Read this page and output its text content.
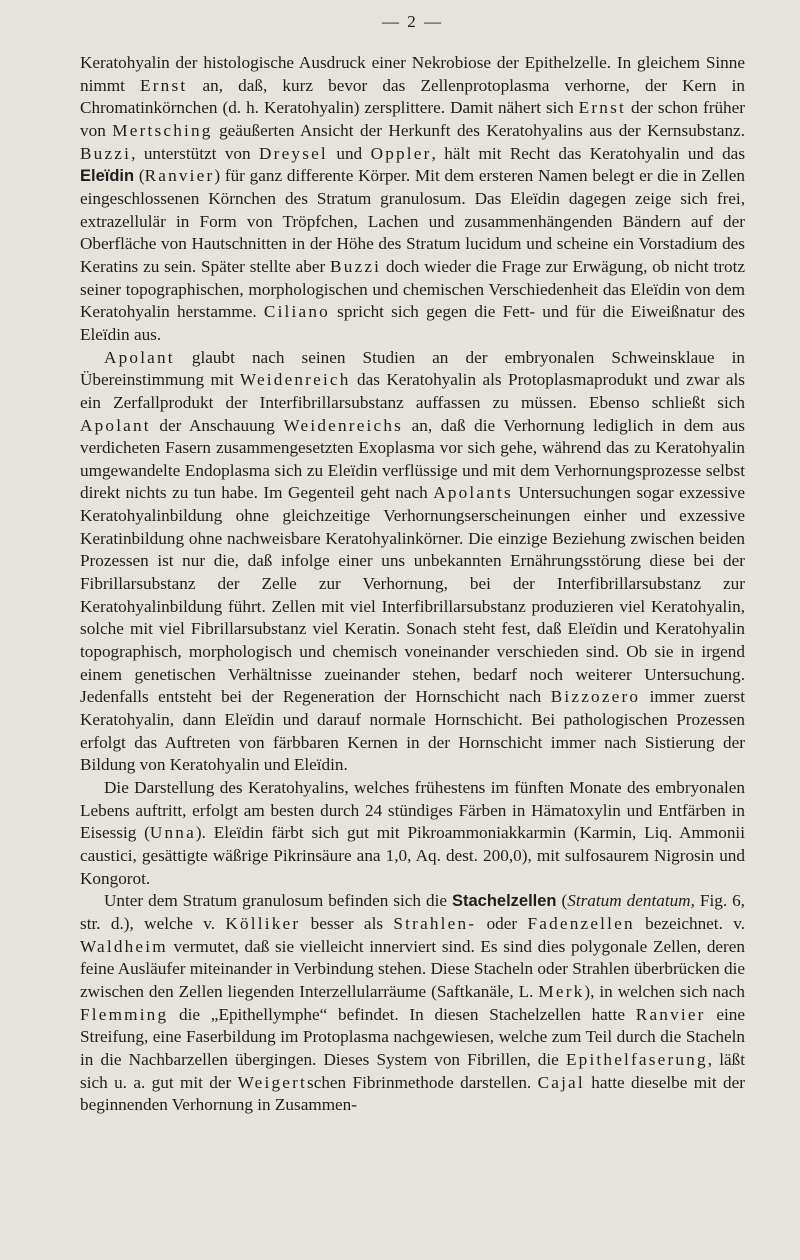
— 2 —

Keratohyalin der histologische Ausdruck einer Nekrobiose der Epithelzelle. In gleichem Sinne nimmt Ernst an, daß, kurz bevor das Zellenprotoplasma verhorne, der Kern in Chromatinkörnchen (d. h. Keratohyalin) zersplittere. Damit nähert sich Ernst der schon früher von Mertsching geäußerten Ansicht der Herkunft des Keratohyalins aus der Kernsubstanz. Buzzi, unterstützt von Dreysel und Oppler, hält mit Recht das Keratohyalin und das Eleïdin (Ranvier) für ganz differente Körper. Mit dem ersteren Namen belegt er die in Zellen eingeschlossenen Körnchen des Stratum granulosum. Das Eleïdin dagegen zeige sich frei, extrazellulär in Form von Tröpfchen, Lachen und zusammenhängenden Bändern auf der Oberfläche von Hautschnitten in der Höhe des Stratum lucidum und scheine ein Vorstadium des Keratins zu sein. Später stellte aber Buzzi doch wieder die Frage zur Erwägung, ob nicht trotz seiner topographischen, morphologischen und chemischen Verschiedenheit das Eleïdin von dem Keratohyalin herstamme. Ciliano spricht sich gegen die Fett- und für die Eiweißnatur des Eleïdin aus.

Apolant glaubt nach seinen Studien an der embryonalen Schweinsklaue in Übereinstimmung mit Weidenreich das Keratohyalin als Protoplasmaprodukt und zwar als ein Zerfallprodukt der Interfibrillarsubstanz auffassen zu müssen. Ebenso schließt sich Apolant der Anschauung Weidenreichs an, daß die Verhornung lediglich in dem aus verdicheten Fasern zusammengesetzten Exoplasma vor sich gehe, während das zu Keratohyalin umgewandelte Endoplasma sich zu Eleïdin verflüssige und mit dem Verhornungsprozesse selbst direkt nichts zu tun habe. Im Gegenteil geht nach Apolants Untersuchungen sogar exzessive Keratohyalinbildung ohne gleichzeitige Verhornungserscheinungen einher und exzessive Keratinbildung ohne nachweisbare Keratohyalinkörner. Die einzige Beziehung zwischen beiden Prozessen ist nur die, daß infolge einer uns unbekannten Ernährungsstörung diese bei der Fibrillarsubstanz der Zelle zur Verhornung, bei der Interfibrillarsubstanz zur Keratohyalinbildung führt. Zellen mit viel Interfibrillarsubstanz produzieren viel Keratohyalin, solche mit viel Fibrillarsubstanz viel Keratin. Sonach steht fest, daß Eleïdin und Keratohyalin topographisch, morphologisch und chemisch voneinander verschieden sind. Ob sie in irgend einem genetischen Verhältnisse zueinander stehen, bedarf noch weiterer Untersuchung. Jedenfalls entsteht bei der Regeneration der Hornschicht nach Bizzozero immer zuerst Keratohyalin, dann Eleïdin und darauf normale Hornschicht. Bei pathologischen Prozessen erfolgt das Auftreten von färbbaren Kernen in der Hornschicht immer nach Sistierung der Bildung von Keratohyalin und Eleïdin.

Die Darstellung des Keratohyalins, welches frühestens im fünften Monate des embryonalen Lebens auftritt, erfolgt am besten durch 24 stündiges Färben in Hämatoxylin und Entfärben in Eisessig (Unna). Eleïdin färbt sich gut mit Pikroammoniakkarmin (Karmin, Liq. Ammonii caustici, gesättigte wäßrige Pikrinsäure ana 1,0, Aq. dest. 200,0), mit sulfosaurem Nigrosin und Kongorot.

Unter dem Stratum granulosum befinden sich die Stachelzellen (Stratum dentatum, Fig. 6, str. d.), welche v. Kölliker besser als Strahlen- oder Fadenzellen bezeichnet. v. Waldheim vermutet, daß sie vielleicht innerviert sind. Es sind dies polygonale Zellen, deren feine Ausläufer miteinander in Verbindung stehen. Diese Stacheln oder Strahlen überbrücken die zwischen den Zellen liegenden Interzellularräume (Saftkanäle, L. Merk), in welchen sich nach Flemming die „Epithellymphe“ befindet. In diesen Stachelzellen hatte Ranvier eine Streifung, eine Faserbildung im Protoplasma nachgewiesen, welche zum Teil durch die Stacheln in die Nachbarzellen übergingen. Dieses System von Fibrillen, die Epithelfaserung, läßt sich u. a. gut mit der Weigertschen Fibrinmethode darstellen. Cajal hatte dieselbe mit der beginnenden Verhornung in Zusammen-
